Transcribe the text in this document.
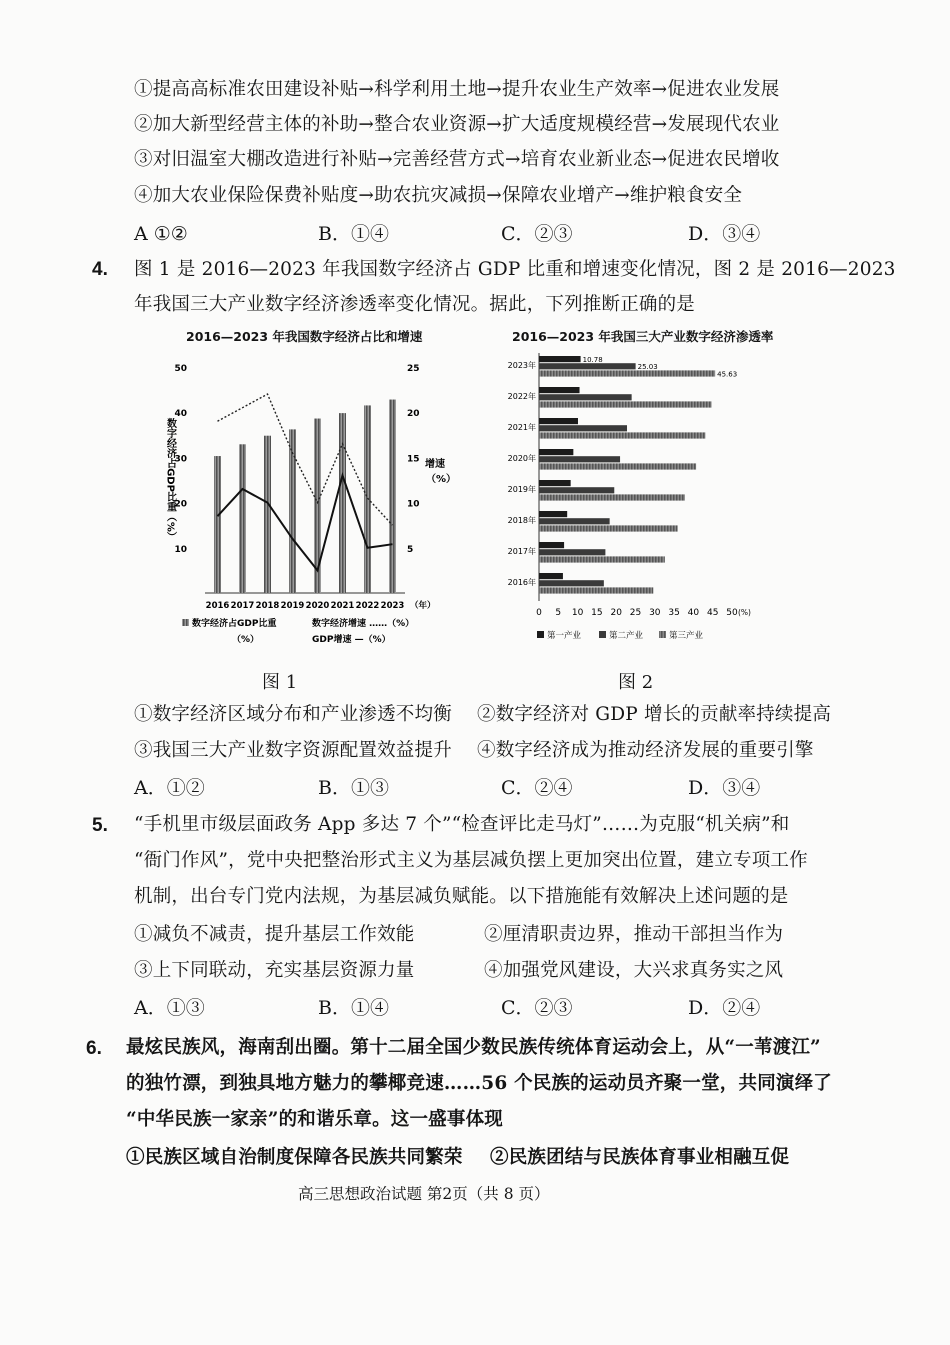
①提高高标准农田建设补贴→科学利用土地→提升农业生产效率→促进农业发展
②加大新型经营主体的补助→整合农业资源→扩大适度规模经营→发展现代农业
③对旧温室大棚改造进行补贴→完善经营方式→培育农业新业态→促进农民增收
④加大农业保险保费补贴度→助农抗灾减损→保障农业增产→维护粮食安全
A ①②	B．①④	C．②③	D．③④
4. 图 1 是 2016—2023 年我国数字经济占 GDP 比重和增速变化情况，图 2 是 2016—2023
年我国三大产业数字经济渗透率变化情况。据此，下列推断正确的是
2016—2023 年我国数字经济占比和增速
10
20
30
40
50
5
10
15
20
25
数字经济占GDP比重（%）	增速
（%）
2016 2017 2018 2019 2020 2021 2022 2023 （年）
数字经济占GDP比重
（%）
数字经济增速 ……（%）
GDP增速 —（%）
2016—2023 年我国三大产业数字经济渗透率
2023年
10.78
25.03
45.63
2022年
2021年
2020年
2019年
2018年
2017年
2016年
0 5 10 15 20 25 30 35 40 45 50 (%)
第一产业	第二产业	第三产业
图 1	图 2
①数字经济区域分布和产业渗透不均衡 ②数字经济对 GDP 增长的贡献率持续提高
③我国三大产业数字资源配置效益提升 ④数字经济成为推动经济发展的重要引擎
A．①②	B．①③	C．②④	D．③④
5. “手机里市级层面政务 App 多达 7 个”“检查评比走马灯”……为克服“机关病”和
“衙门作风”，党中央把整治形式主义为基层减负摆上更加突出位置，建立专项工作
机制，出台专门党内法规，为基层减负赋能。以下措施能有效解决上述问题的是
①减负不减责，提升基层工作效能	②厘清职责边界，推动干部担当作为
③上下同联动，充实基层资源力量	④加强党风建设，大兴求真务实之风
A．①③	B．①④	C．②③	D．②④
6. 最炫民族风，海南刮出圈。第十二届全国少数民族传统体育运动会上，从“一苇渡江”
的独竹漂，到独具地方魅力的攀椰竞速……56 个民族的运动员齐聚一堂，共同演绎了
“中华民族一家亲”的和谐乐章。这一盛事体现
①民族区域自治制度保障各民族共同繁荣 ②民族团结与民族体育事业相融互促
高三思想政治试题 第2页（共 8 页）
